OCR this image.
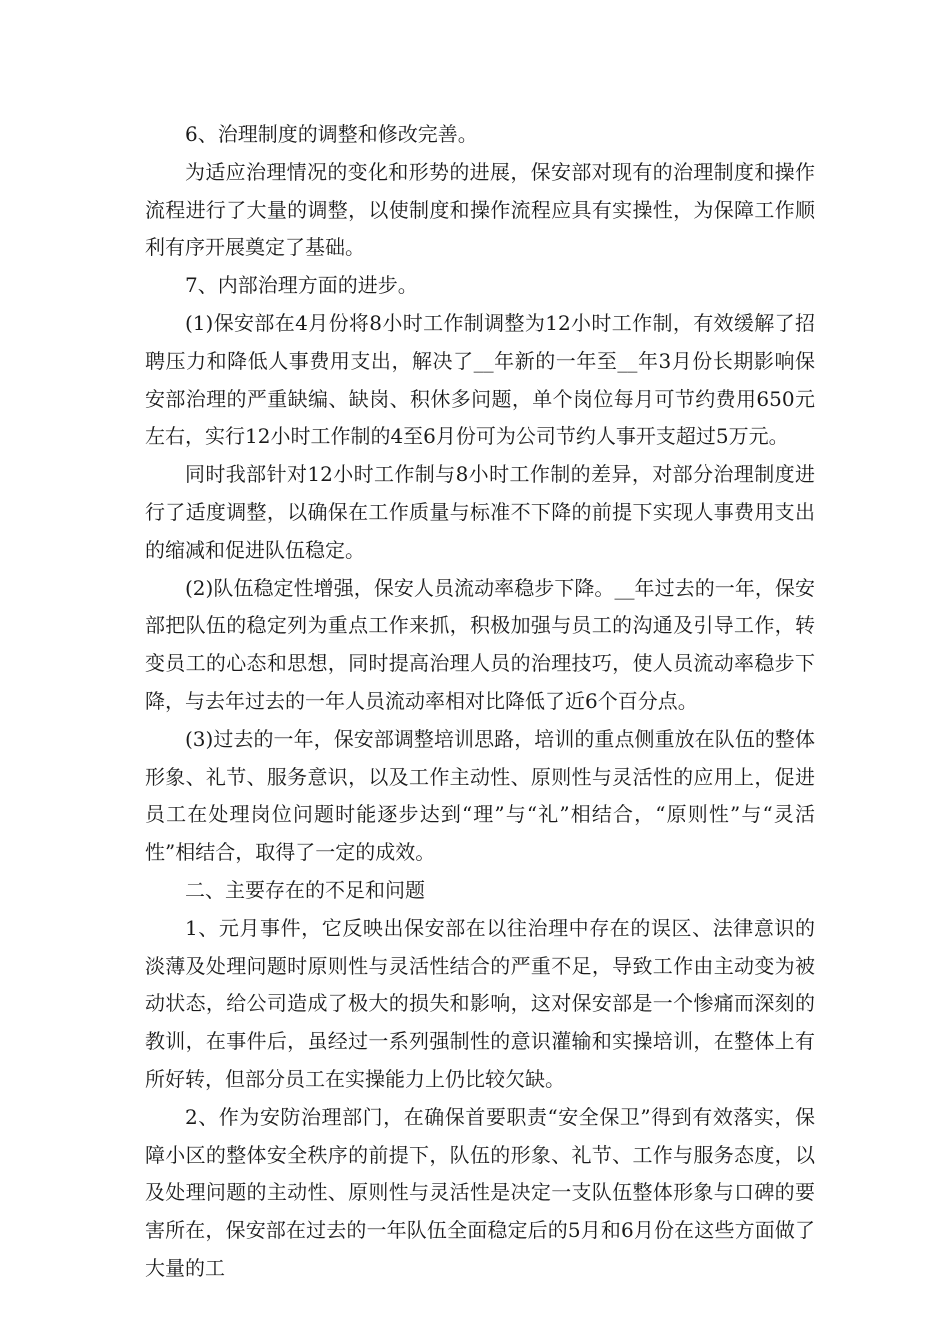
6、治理制度的调整和修改完善。

为适应治理情况的变化和形势的进展，保安部对现有的治理制度和操作流程进行了大量的调整，以使制度和操作流程应具有实操性，为保障工作顺利有序开展奠定了基础。

7、内部治理方面的进步。

(1)保安部在4月份将8小时工作制调整为12小时工作制，有效缓解了招聘压力和降低人事费用支出，解决了__年新的一年至__年3月份长期影响保安部治理的严重缺编、缺岗、积休多问题，单个岗位每月可节约费用650元左右，实行12小时工作制的4至6月份可为公司节约人事开支超过5万元。

同时我部针对12小时工作制与8小时工作制的差异，对部分治理制度进行了适度调整，以确保在工作质量与标准不下降的前提下实现人事费用支出的缩减和促进队伍稳定。

(2)队伍稳定性增强，保安人员流动率稳步下降。__年过去的一年，保安部把队伍的稳定列为重点工作来抓，积极加强与员工的沟通及引导工作，转变员工的心态和思想，同时提高治理人员的治理技巧，使人员流动率稳步下降，与去年过去的一年人员流动率相对比降低了近6个百分点。

(3)过去的一年，保安部调整培训思路，培训的重点侧重放在队伍的整体形象、礼节、服务意识，以及工作主动性、原则性与灵活性的应用上，促进员工在处理岗位问题时能逐步达到“理”与“礼”相结合，“原则性”与“灵活性”相结合，取得了一定的成效。

二、主要存在的不足和问题

1、元月事件，它反映出保安部在以往治理中存在的误区、法律意识的淡薄及处理问题时原则性与灵活性结合的严重不足，导致工作由主动变为被动状态，给公司造成了极大的损失和影响，这对保安部是一个惨痛而深刻的教训，在事件后，虽经过一系列强制性的意识灌输和实操培训，在整体上有所好转，但部分员工在实操能力上仍比较欠缺。

2、作为安防治理部门，在确保首要职责“安全保卫”得到有效落实，保障小区的整体安全秩序的前提下，队伍的形象、礼节、工作与服务态度，以及处理问题的主动性、原则性与灵活性是决定一支队伍整体形象与口碑的要害所在，保安部在过去的一年队伍全面稳定后的5月和6月份在这些方面做了大量的工
